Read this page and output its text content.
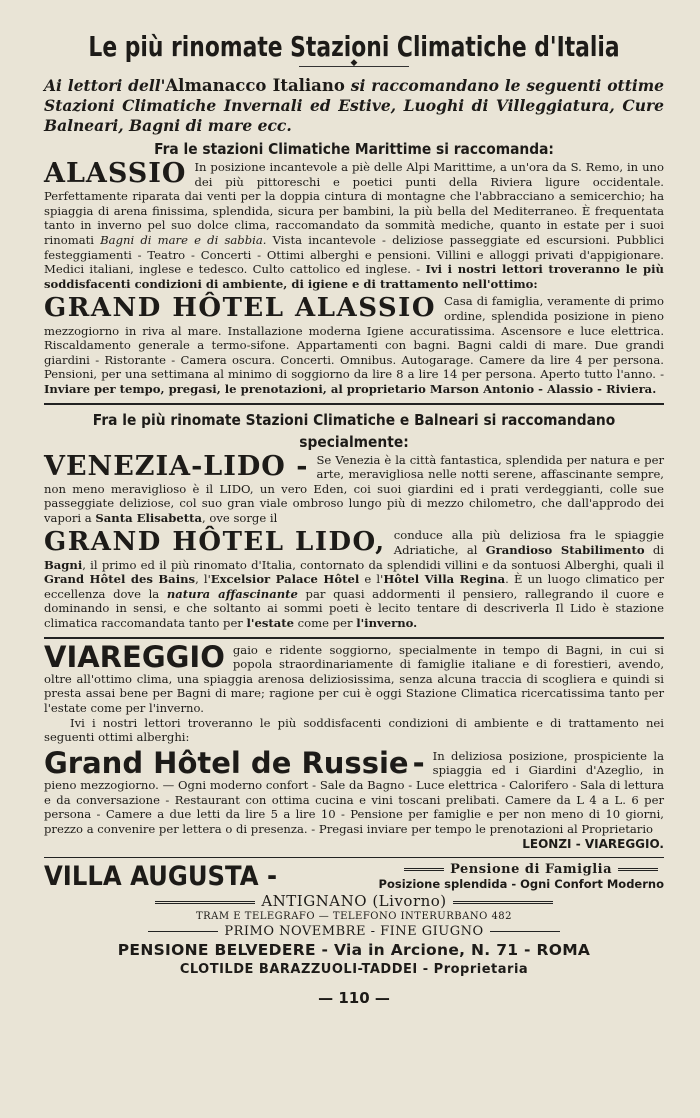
Le più rinomate Stazioni Climatiche d'Italia
◆

Ai lettori dell'Almanacco Italiano si raccomandano le seguenti ottime Stazioni Climatiche Invernali ed Estive, Luoghi di Villeggiatura, Cure Balneari, Bagni di mare ecc.

Fra le stazioni Climatiche Marittime si raccomanda:

ALASSIO In posizione incantevole a piè delle Alpi Marittime, a un'ora da S. Remo, in uno dei più pittoreschi e poetici punti della Riviera ligure occidentale. Perfettamente riparata dai venti per la doppia cintura di montagne che l'abbracciano a semicerchio; ha spiaggia di arena finissima, splendida, sicura per bambini, la più bella del Mediterraneo. È frequentata tanto in inverno pel suo dolce clima, raccomandato da sommità mediche, quanto in estate per i suoi rinomati Bagni di mare e di sabbia. Vista incantevole - deliziose passeggiate ed escursioni. Pubblici festeggiamenti - Teatro - Concerti - Ottimi alberghi e pensioni. Villini e alloggi privati d'appigionare. Medici italiani, inglese e tedesco. Culto cattolico ed inglese. - Ivi i nostri lettori troveranno le più soddisfacenti condizioni di ambiente, di igiene e di trattamento nell'ottimo:

GRAND HÔTEL ALASSIO Casa di famiglia, veramente di primo ordine, splendida posizione in pieno mezzogiorno in riva al mare. Installazione moderna Igiene accuratissima. Ascensore e luce elettrica. Riscaldamento generale a termo-sifone. Appartamenti con bagni. Bagni caldi di mare. Due grandi giardini - Ristorante - Camera oscura. Concerti. Omnibus. Autogarage. Camere da lire 4 per persona. Pensioni, per una settimana al minimo di soggiorno da lire 8 a lire 14 per persona. Aperto tutto l'anno. - Inviare per tempo, pregasi, le prenotazioni, al proprietario Marson Antonio - Alassio - Riviera.

Fra le più rinomate Stazioni Climatiche e Balneari si raccomandano specialmente:

VENEZIA-LIDO - Se Venezia è la città fantastica, splendida per natura e per arte, meravigliosa nelle notti serene, affascinante sempre, non meno meraviglioso è il LIDO, un vero Eden, coi suoi giardini ed i prati verdeggianti, colle sue passeggiate deliziose, col suo gran viale ombroso lungo più di mezzo chilometro, che dall'approdo dei vapori a Santa Elisabetta, ove sorge il

GRAND HÔTEL LIDO, conduce alla più deliziosa fra le spiaggie Adriatiche, al Grandioso Stabilimento di Bagni, il primo ed il più rinomato d'Italia, contornato da splendidi villini e da sontuosi Alberghi, quali il Grand Hôtel des Bains, l'Excelsior Palace Hôtel e l'Hôtel Villa Regina. È un luogo climatico per eccellenza dove la natura affascinante par quasi addormenti il pensiero, rallegrando il cuore e dominando in sensi, e che soltanto ai sommi poeti è lecito tentare di descriverla Il Lido è stazione climatica raccomandata tanto per l'estate come per l'inverno.

VIAREGGIO gaio e ridente soggiorno, specialmente in tempo di Bagni, in cui si popola straordinariamente di famiglie italiane e di forestieri, avendo, oltre all'ottimo clima, una spiaggia arenosa deliziosissima, senza alcuna traccia di scogliera e quindi si presta assai bene per Bagni di mare; ragione per cui è oggi Stazione Climatica ricercatissima tanto per l'estate come per l'inverno.

Ivi i nostri lettori troveranno le più soddisfacenti condizioni di ambiente e di trattamento nei seguenti ottimi alberghi:

Grand Hôtel de Russie - In deliziosa posizione, prospiciente la spiaggia ed i Giardini d'Azeglio, in pieno mezzogiorno. — Ogni moderno confort - Sale da Bagno - Luce elettrica - Calorifero - Sala di lettura e da conversazione - Restaurant con ottima cucina e vini toscani prelibati. Camere da L 4 a L. 6 per persona - Camere a due letti da lire 5 a lire 10 - Pensione per famiglie e per non meno di 10 giorni, prezzo a convenire per lettera o di presenza. - Pregasi inviare per tempo le prenotazioni al Proprietario

LEONZI - VIAREGGIO.
VILLA AUGUSTA -	Pensione di Famiglia
Posizione splendida - Ogni Confort Moderno
ANTIGNANO (Livorno)
TRAM E TELEGRAFO — TELEFONO INTERURBANO 482
PRIMO NOVEMBRE - FINE GIUGNO
PENSIONE BELVEDERE - Via in Arcione, N. 71 - ROMA
CLOTILDE BARAZZUOLI-TADDEI - Proprietaria
— 110 —
